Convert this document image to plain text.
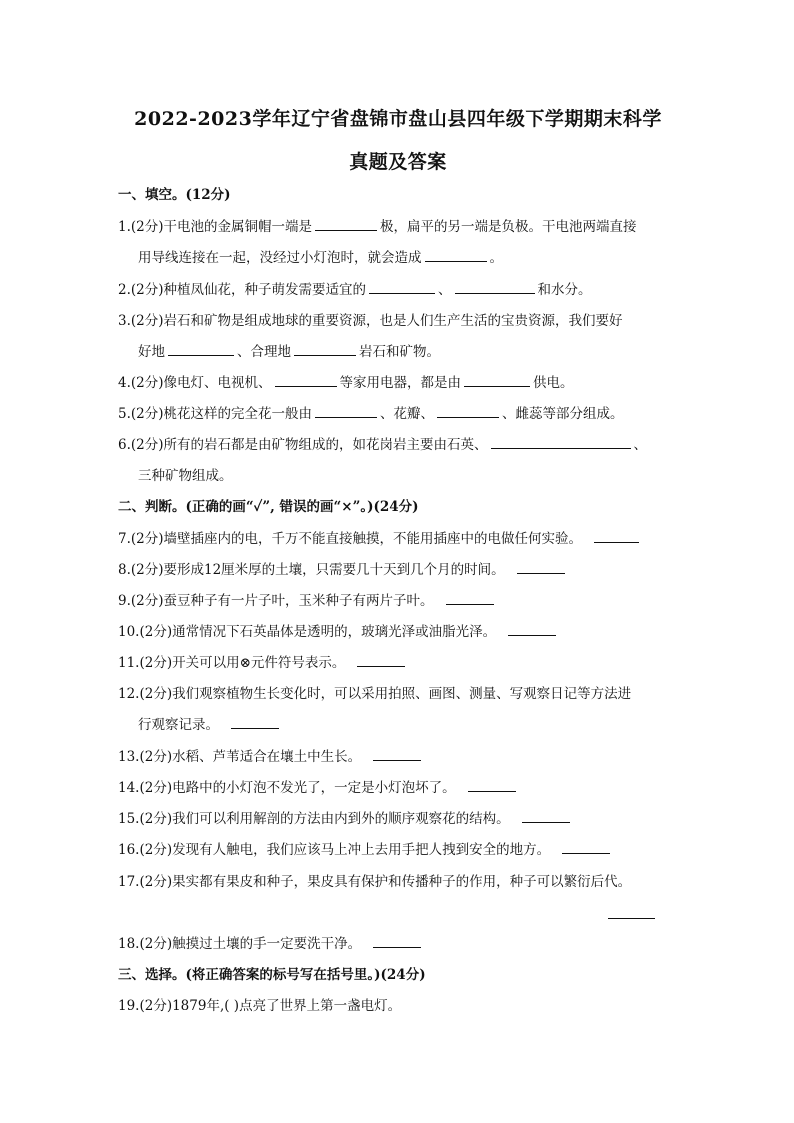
2022-2023学年辽宁省盘锦市盘山县四年级下学期期末科学
真题及答案
一、填空。(12分)
1.(2分)干电池的金属铜帽一端是	极，扁平的另一端是负极。干电池两端直接
用导线连接在一起，没经过小灯泡时，就会造成	。
2.(2分)种植凤仙花，种子萌发需要适宜的	、	和水分。
3.(2分)岩石和矿物是组成地球的重要资源，也是人们生产生活的宝贵资源，我们要好
好地	、合理地	岩石和矿物。
4.(2分)像电灯、电视机、	等家用电器，都是由	供电。
5.(2分)桃花这样的完全花一般由	、花瓣、	、雌蕊等部分组成。
6.(2分)所有的岩石都是由矿物组成的，如花岗岩主要由石英、	、
三种矿物组成。
二、判断。(正确的画“✓”, 错误的画“×”。)(24分)
7.(2分)墙壁插座内的电，千万不能直接触摸，不能用插座中的电做任何实验。
8.(2分)要形成12厘米厚的土壤，只需要几十天到几个月的时间。
9.(2分)蚕豆种子有一片子叶，玉米种子有两片子叶。
10.(2分)通常情况下石英晶体是透明的，玻璃光泽或油脂光泽。
11.(2分)开关可以用⊗元件符号表示。
12.(2分)我们观察植物生长变化时，可以采用拍照、画图、测量、写观察日记等方法进
行观察记录。
13.(2分)水稻、芦苇适合在壤土中生长。
14.(2分)电路中的小灯泡不发光了，一定是小灯泡坏了。
15.(2分)我们可以利用解剖的方法由内到外的顺序观察花的结构。
16.(2分)发现有人触电，我们应该马上冲上去用手把人拽到安全的地方。
17.(2分)果实都有果皮和种子，果皮具有保护和传播种子的作用，种子可以繁衍后代。
18.(2分)触摸过土壤的手一定要洗干净。
三、选择。(将正确答案的标号写在括号里。)(24分)
19.(2分)1879年,( )点亮了世界上第一盏电灯。
